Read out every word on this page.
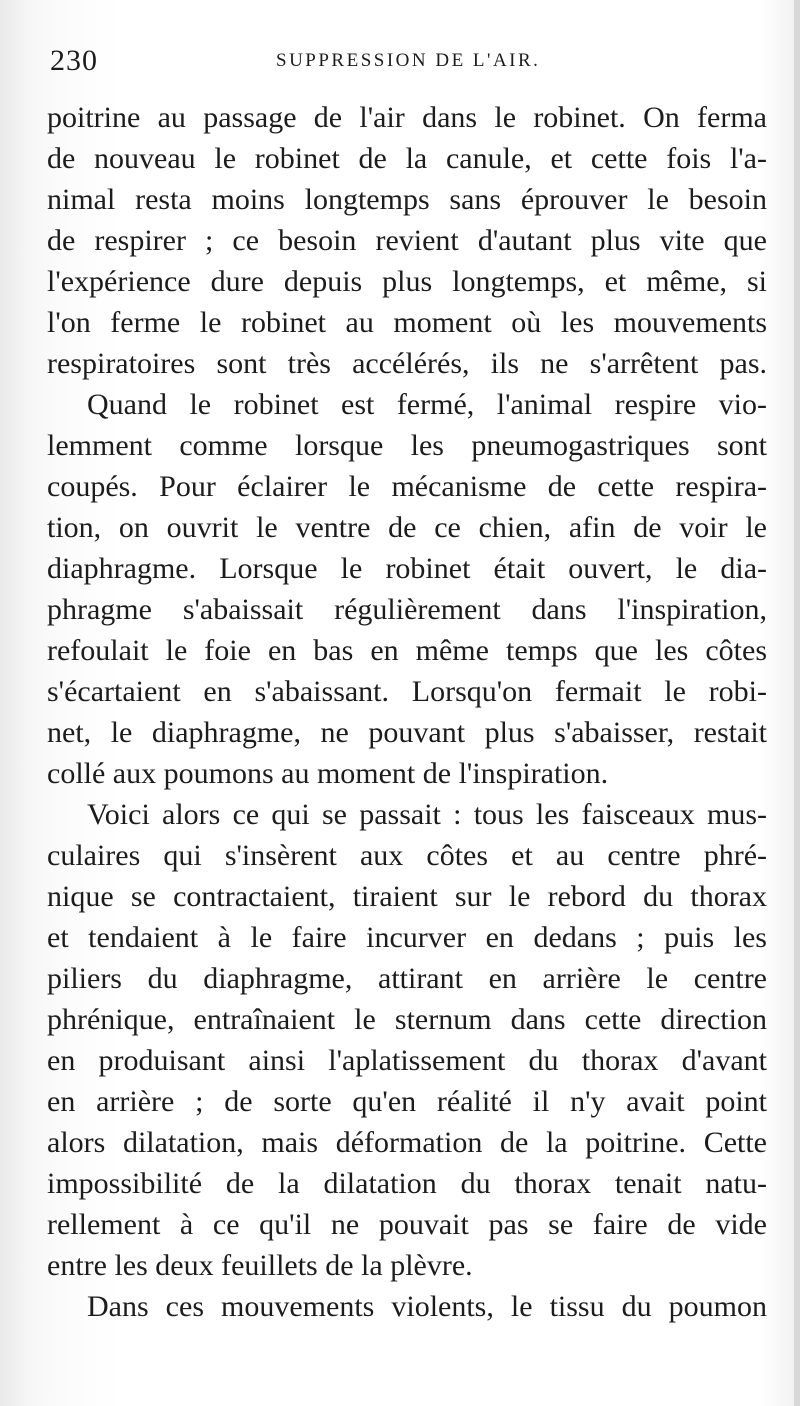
230	SUPPRESSION DE L'AIR.

poitrine au passage de l'air dans le robinet. On ferma
de nouveau le robinet de la canule, et cette fois l'a-
nimal resta moins longtemps sans éprouver le besoin
de respirer ; ce besoin revient d'autant plus vite que
l'expérience dure depuis plus longtemps, et même, si
l'on ferme le robinet au moment où les mouvements
respiratoires sont très accélérés, ils ne s'arrêtent pas.

Quand le robinet est fermé, l'animal respire vio-
lemment comme lorsque les pneumogastriques sont
coupés. Pour éclairer le mécanisme de cette respira-
tion, on ouvrit le ventre de ce chien, afin de voir le
diaphragme. Lorsque le robinet était ouvert, le dia-
phragme s'abaissait régulièrement dans l'inspiration,
refoulait le foie en bas en même temps que les côtes
s'écartaient en s'abaissant. Lorsqu'on fermait le robi-
net, le diaphragme, ne pouvant plus s'abaisser, restait
collé aux poumons au moment de l'inspiration.

Voici alors ce qui se passait : tous les faisceaux mus-
culaires qui s'insèrent aux côtes et au centre phré-
nique se contractaient, tiraient sur le rebord du thorax
et tendaient à le faire incurver en dedans ; puis les
piliers du diaphragme, attirant en arrière le centre
phrénique, entraînaient le sternum dans cette direction
en produisant ainsi l'aplatissement du thorax d'avant
en arrière ; de sorte qu'en réalité il n'y avait point
alors dilatation, mais déformation de la poitrine. Cette
impossibilité de la dilatation du thorax tenait natu-
rellement à ce qu'il ne pouvait pas se faire de vide
entre les deux feuillets de la plèvre.

Dans ces mouvements violents, le tissu du poumon
